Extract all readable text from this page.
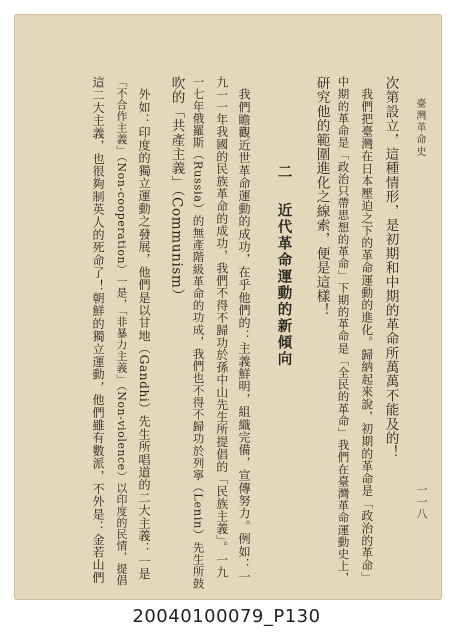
臺灣革命史
一一八
次第設立，這種情形，是初期和中期的革命所萬萬不能及的！
我們把臺灣在日本壓迫之下的革命運動的進化。歸納起來說，初期的革命是「政治的革命」
中期的革命是「政治只帶思想的革命」下期的革命是「全民的革命」我們在臺灣革命運動史上，
研究他的範圍進化之線索，便是這樣！
二近代革命運動的新傾向
我們瞻觀近世革命運動的成功，在乎他們的：主義鮮明，組織完備，宣傳努力。例如：一
九一一年我國的民族革命的成功，我們不得不歸功於孫中山先生所提倡的「民族主義」。一九
一七年俄羅斯（Russia）的無產階級革命的功成，我們也不得不歸功於列寧（Lenin）先生所鼓
吹的「共產主義」（Communism）
外如：印度的獨立運動之發展，他們是以甘地（Gandhi）先生所唱道的二大主義：一是
「不合作主義」（Non-cooperation）一是，「非暴力主義」（Non-violence）以印度的民情，提倡
這二大主義，也很夠制英人的死命了！朝鮮的獨立運動，他們雖有數派，不外是：金若山們
20040100079_P130
